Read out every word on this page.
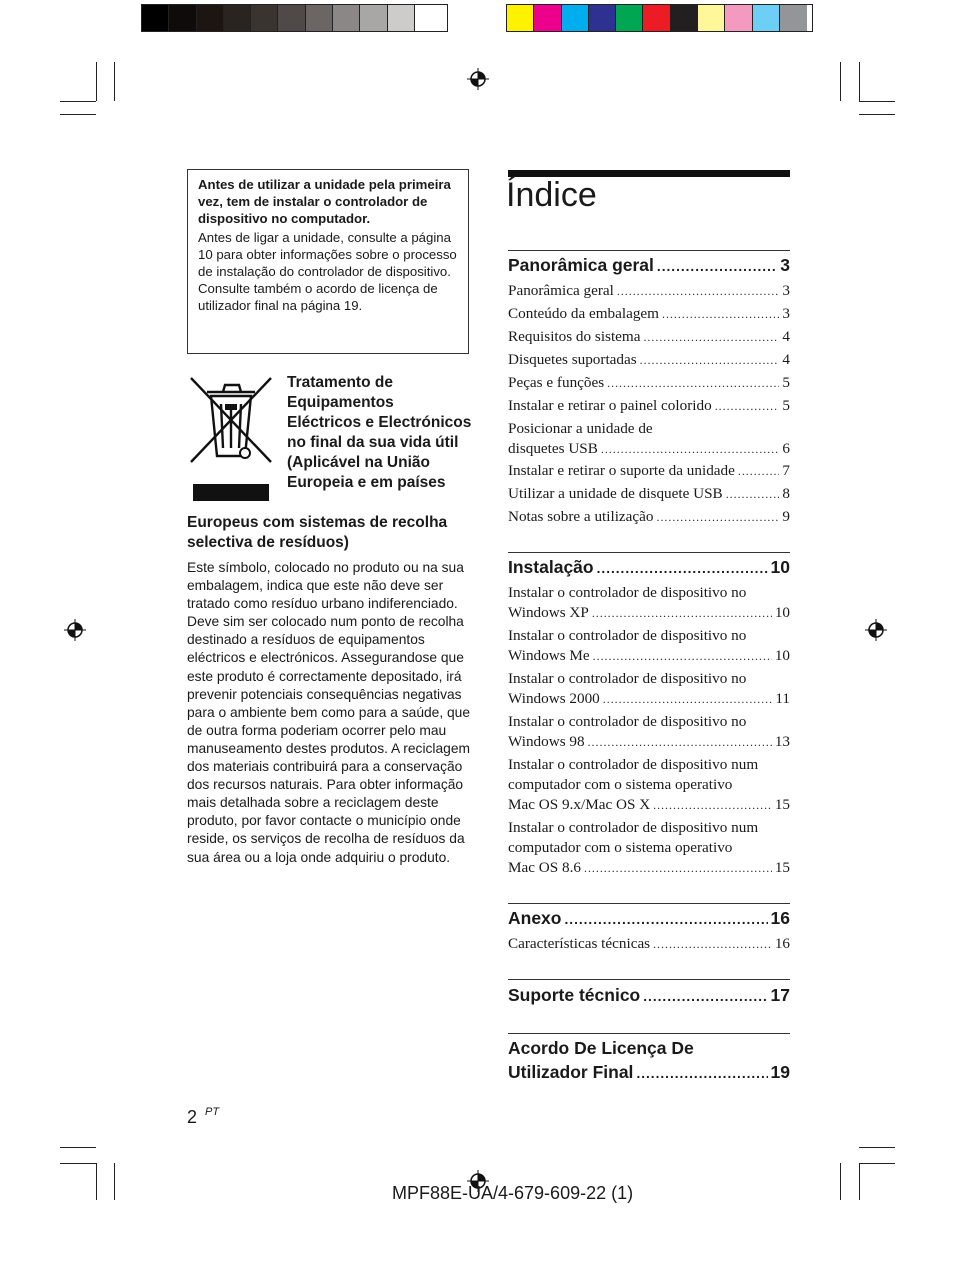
Antes de utilizar a unidade pela primeira vez, tem de instalar o controlador de dispositivo no computador.
Antes de ligar a unidade, consulte a página 10 para obter informações sobre o processo de instalação do controlador de dispositivo. Consulte também o acordo de licença de utilizador final na página 19.
Tratamento de Equipamentos Eléctricos e Electrónicos no final da sua vida útil (Aplicável na União Europeia e em países
Europeus com sistemas de recolha selectiva de resíduos)
Este símbolo, colocado no produto ou na sua embalagem, indica que este não deve ser tratado como resíduo urbano indiferenciado. Deve sim ser colocado num ponto de recolha destinado a resíduos de equipamentos eléctricos e electrónicos. Assegurandose que este produto é correctamente depositado, irá prevenir potenciais consequências negativas para o ambiente bem como para a saúde, que de outra forma poderiam ocorrer pelo mau manuseamento destes produtos. A reciclagem dos materiais contribuirá para a conservação dos recursos naturais. Para obter informação mais detalhada sobre a reciclagem deste produto, por favor contacte o município onde reside, os serviços de recolha de resíduos da sua área ou a loja onde adquiriu o produto.
Índice
Panorâmica geral .....	3
Panorâmica geral .....	3
Conteúdo da embalagem .....	3
Requisitos do sistema .....	4
Disquetes suportadas .....	4
Peças e funções .....	5
Instalar e retirar o painel colorido .....	5
Posicionar a unidade de
disquetes USB .....	6
Instalar e retirar o suporte da unidade .....	7
Utilizar a unidade de disquete USB .....	8
Notas sobre a utilização .....	9
Instalação .....	10
Instalar o controlador de dispositivo no
Windows XP .....	10
Instalar o controlador de dispositivo no
Windows Me .....	10
Instalar o controlador de dispositivo no
Windows 2000 .....	11
Instalar o controlador de dispositivo no
Windows 98 .....	13
Instalar o controlador de dispositivo num
computador com o sistema operativo
Mac OS 9.x/Mac OS X .....	15
Instalar o controlador de dispositivo num
computador com o sistema operativo
Mac OS 8.6 .....	15
Anexo .....	16
Características técnicas .....	16
Suporte técnico .....	17
Acordo De Licença De
Utilizador Final .....	19
2 PT
MPF88E-UA/4-679-609-22 (1)
